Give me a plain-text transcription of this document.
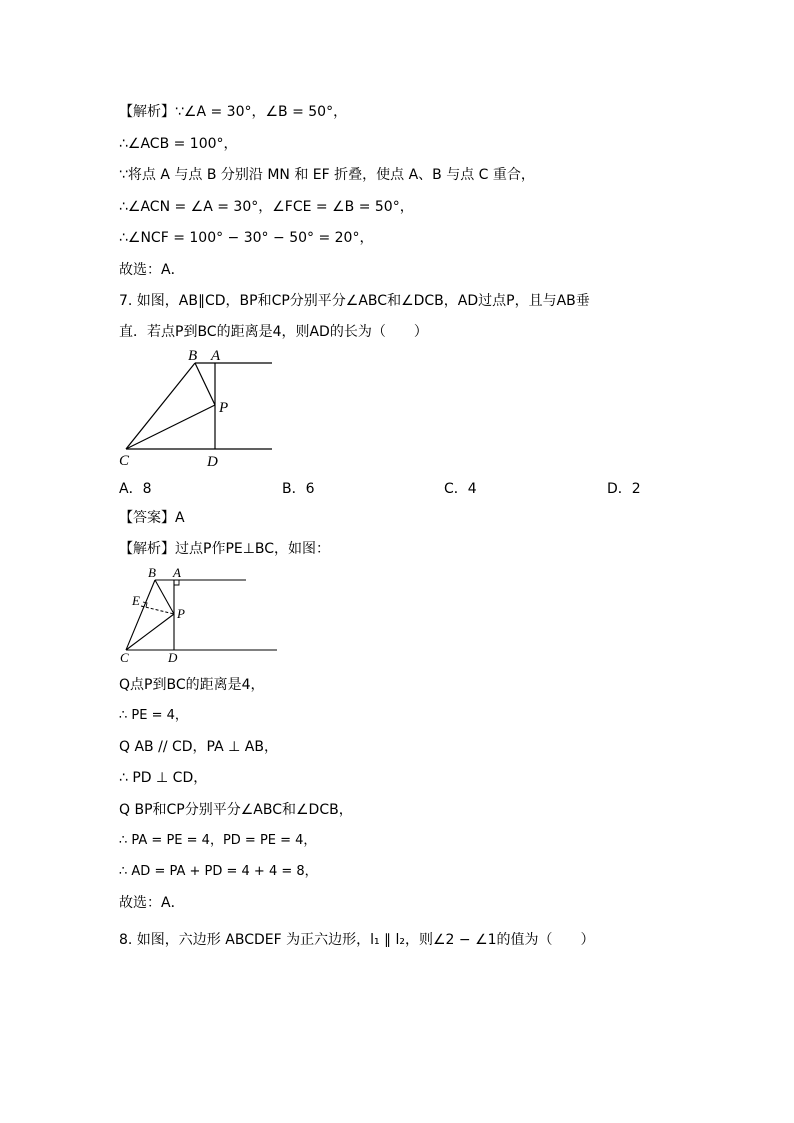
【解析】∵∠A = 30°，∠B = 50°，
∴∠ACB = 100°，
∵将点 A 与点 B 分别沿 MN 和 EF 折叠，使点 A、B 与点 C 重合，
∴∠ACN = ∠A = 30°，∠FCE = ∠B = 50°，
∴∠NCF = 100° − 30° − 50° = 20°，
故选：A．
7. 如图，AB∥CD，BP和CP分别平分∠ABC和∠DCB，AD过点P，且与AB垂
直．若点P到BC的距离是4，则AD的长为（　　）
B A
P
C	D
A．8	B．6	C．4	D．2
【答案】A
【解析】过点P作PE⊥BC，如图：
B A
E
P
C	D
Q点P到BC的距离是4，
∴ PE = 4，
Q AB // CD，PA ⊥ AB，
∴ PD ⊥ CD，
Q BP和CP分别平分∠ABC和∠DCB，
∴ PA = PE = 4，PD = PE = 4，
∴ AD = PA + PD = 4 + 4 = 8，
故选：A．
8. 如图，六边形 ABCDEF 为正六边形，l₁ ∥ l₂，则∠2 − ∠1的值为（　　）
